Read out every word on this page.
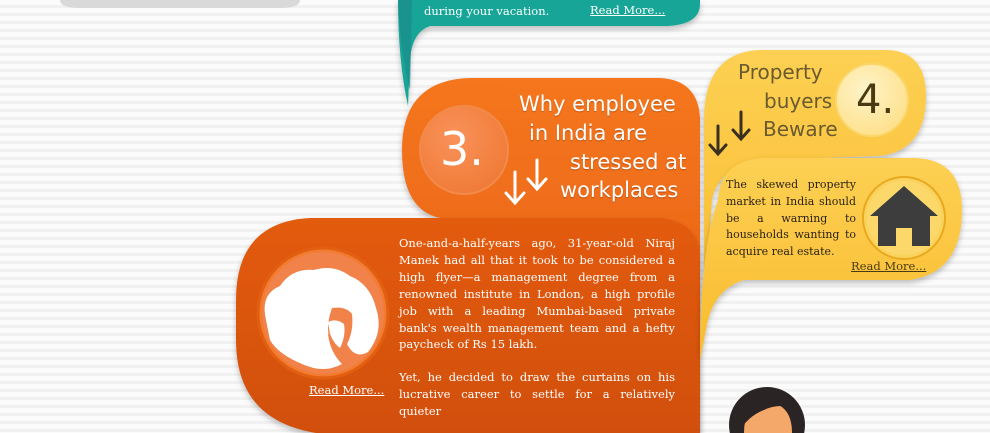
during your vacation.	Read More...
3.
Why employee
in India are
stressed at
workplaces
One-and-a-half-years ago, 31-year-old Niraj Manek had all that it took to be considered a high flyer—a management degree from a renowned institute in London, a high profile job with a leading Mumbai-based private bank's wealth management team and a hefty paycheck of Rs 15 lakh.
Yet, he decided to draw the curtains on his lucrative career to settle for a relatively quieter
Read More...
Property
buyers
Beware
4.
The skewed property market in India should be a warning to households wanting to acquire real estate.
Read More...
